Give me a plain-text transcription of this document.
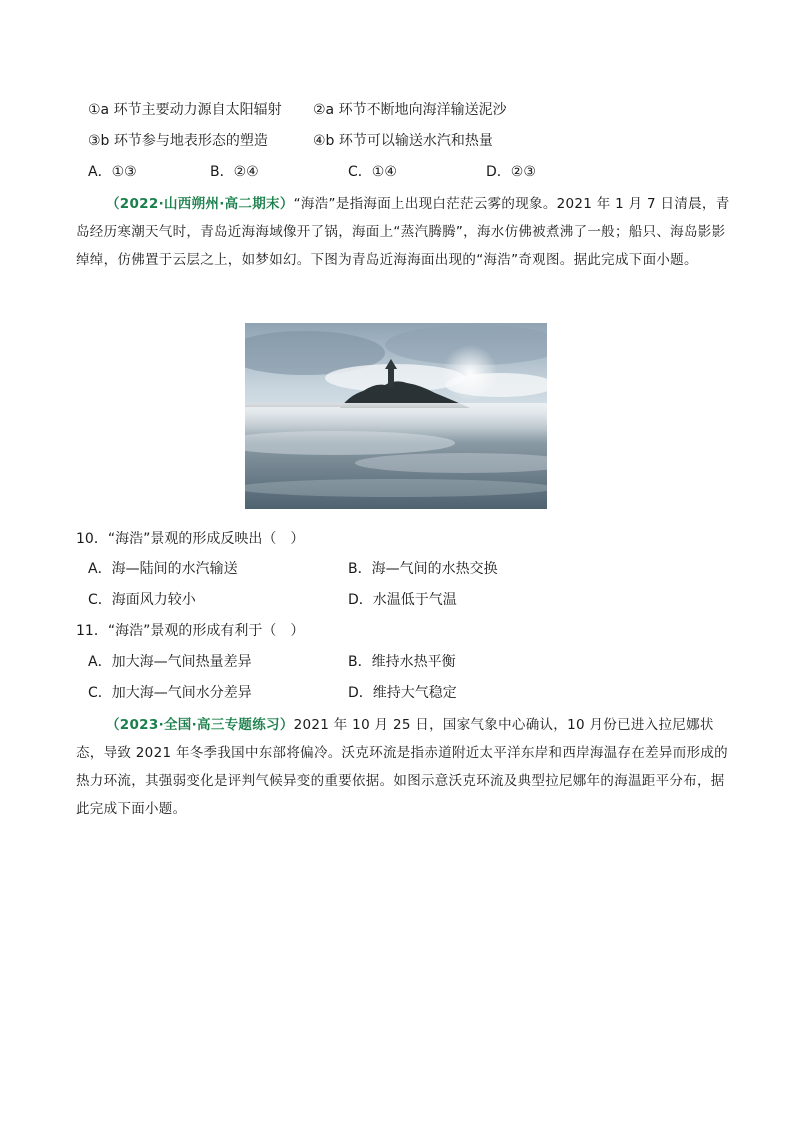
①a 环节主要动力源自太阳辐射 ②a 环节不断地向海洋输送泥沙
③b 环节参与地表形态的塑造	④b 环节可以输送水汽和热量
A．①③	B．②④	C．①④	D．②③
（2022·山西朔州·高二期末）“海浩”是指海面上出现白茫茫云雾的现象。2021 年 1 月 7 日清晨，青岛经历寒潮天气时，青岛近海海域像开了锅，海面上“蒸汽腾腾”，海水仿佛被煮沸了一般；船只、海岛影影绰绰，仿佛置于云层之上，如梦如幻。下图为青岛近海海面出现的“海浩”奇观图。据此完成下面小题。
10．“海浩”景观的形成反映出（　）
A．海—陆间的水汽输送	B．海—气间的水热交换
C．海面风力较小	D．水温低于气温
11．“海浩”景观的形成有利于（　）
A．加大海—气间热量差异	B．维持水热平衡
C．加大海—气间水分差异	D．维持大气稳定
（2023·全国·高三专题练习）2021 年 10 月 25 日，国家气象中心确认，10 月份已进入拉尼娜状态，导致 2021 年冬季我国中东部将偏冷。沃克环流是指赤道附近太平洋东岸和西岸海温存在差异而形成的热力环流，其强弱变化是评判气候异变的重要依据。如图示意沃克环流及典型拉尼娜年的海温距平分布，据此完成下面小题。
